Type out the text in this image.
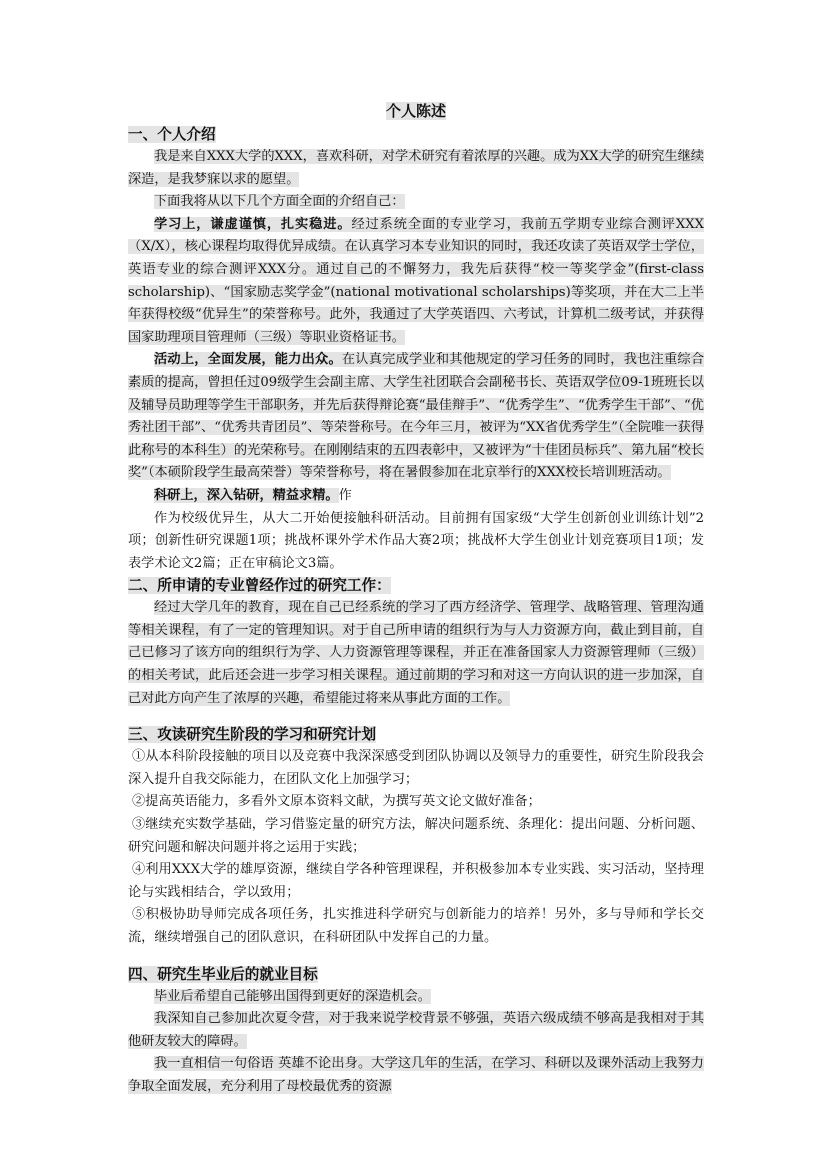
个人陈述
一、个人介绍

我是来自XXX大学的XXX，喜欢科研，对学术研究有着浓厚的兴趣。成为XX大学的研究生继续深造，是我梦寐以求的愿望。

下面我将从以下几个方面全面的介绍自己：

学习上，谦虚谨慎，扎实稳进。经过系统全面的专业学习，我前五学期专业综合测评XXX（X/X），核心课程均取得优异成绩。在认真学习本专业知识的同时，我还攻读了英语双学士学位，英语专业的综合测评XXX分。通过自己的不懈努力，我先后获得“校一等奖学金”(first-class scholarship)、“国家励志奖学金”(national motivational scholarships)等奖项，并在大二上半年获得校级“优异生”的荣誉称号。此外，我通过了大学英语四、六考试，计算机二级考试，并获得国家助理项目管理师（三级）等职业资格证书。

活动上，全面发展，能力出众。在认真完成学业和其他规定的学习任务的同时，我也注重综合素质的提高，曾担任过09级学生会副主席、大学生社团联合会副秘书长、英语双学位09-1班班长以及辅导员助理等学生干部职务，并先后获得辩论赛“最佳辩手”、“优秀学生”、“优秀学生干部”、“优秀社团干部”、“优秀共青团员”、等荣誉称号。在今年三月，被评为“XX省优秀学生”（全院唯一获得此称号的本科生）的光荣称号。在刚刚结束的五四表彰中，又被评为“十佳团员标兵”、第九届“校长奖”（本硕阶段学生最高荣誉）等荣誉称号，将在暑假参加在北京举行的XXX校长培训班活动。

科研上，深入钻研，精益求精。作

作为校级优异生，从大二开始便接触科研活动。目前拥有国家级“大学生创新创业训练计划”2项；创新性研究课题1项；挑战杯课外学术作品大赛2项；挑战杯大学生创业计划竞赛项目1项；发表学术论文2篇；正在审稿论文3篇。

二、所申请的专业曾经作过的研究工作：

经过大学几年的教育，现在自己已经系统的学习了西方经济学、管理学、战略管理、管理沟通等相关课程，有了一定的管理知识。对于自己所申请的组织行为与人力资源方向，截止到目前，自己已修习了该方向的组织行为学、人力资源管理等课程，并正在准备国家人力资源管理师（三级）的相关考试，此后还会进一步学习相关课程。通过前期的学习和对这一方向认识的进一步加深，自己对此方向产生了浓厚的兴趣，希望能过将来从事此方面的工作。

三、攻读研究生阶段的学习和研究计划

①从本科阶段接触的项目以及竞赛中我深深感受到团队协调以及领导力的重要性，研究生阶段我会深入提升自我交际能力，在团队文化上加强学习；

②提高英语能力，多看外文原本资料文献，为撰写英文论文做好准备；

③继续充实数学基础，学习借鉴定量的研究方法，解决问题系统、条理化：提出问题、分析问题、研究问题和解决问题并将之运用于实践；

④利用XXX大学的雄厚资源，继续自学各种管理课程，并积极参加本专业实践、实习活动，坚持理论与实践相结合，学以致用；

⑤积极协助导师完成各项任务，扎实推进科学研究与创新能力的培养！另外，多与导师和学长交流，继续增强自己的团队意识，在科研团队中发挥自己的力量。

四、研究生毕业后的就业目标

毕业后希望自己能够出国得到更好的深造机会。

我深知自己参加此次夏令营，对于我来说学校背景不够强，英语六级成绩不够高是我相对于其他研友较大的障碍。

我一直相信一句俗语 英雄不论出身。大学这几年的生活，在学习、科研以及课外活动上我努力争取全面发展，充分利用了母校最优秀的资源
